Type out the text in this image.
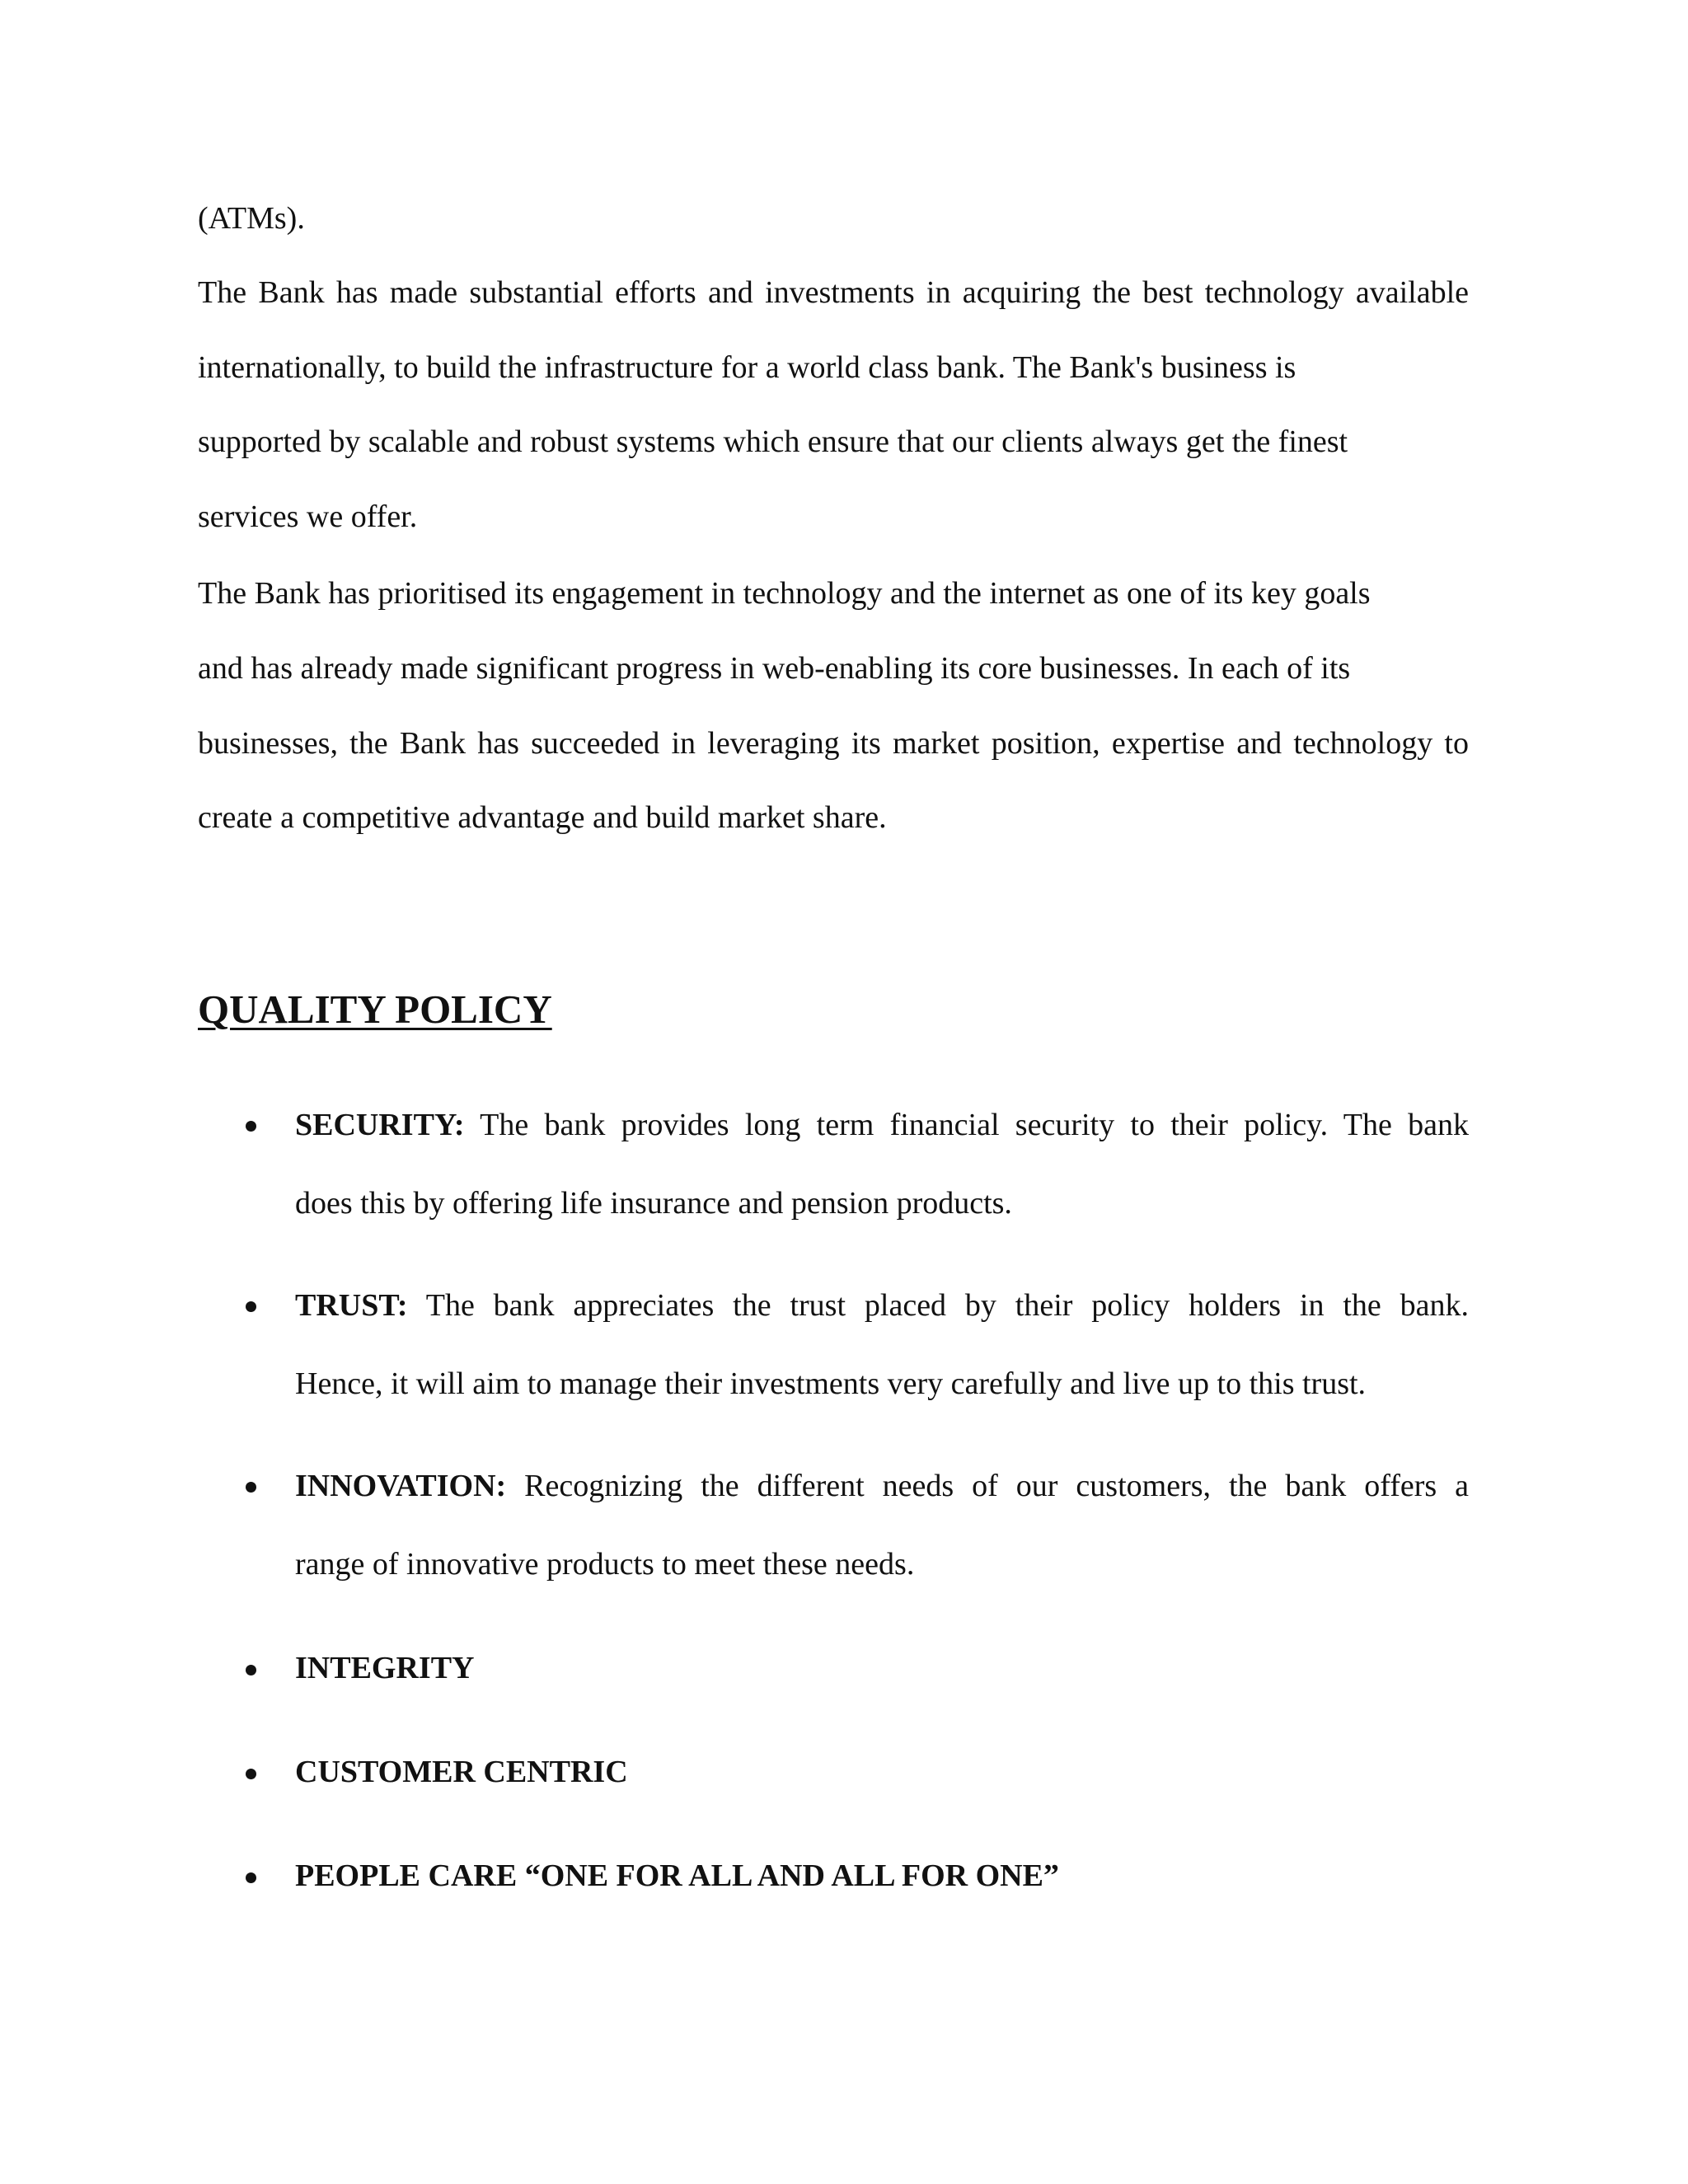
(ATMs).
The Bank has made substantial efforts and investments in acquiring the best technology available
internationally, to build the infrastructure for a world class bank. The Bank's business is
supported by scalable and robust systems which ensure that our clients always get the finest
services we offer.
The Bank has prioritised its engagement in technology and the internet as one of its key goals
and has already made significant progress in web-enabling its core businesses. In each of its
businesses, the Bank has succeeded in leveraging its market position, expertise and technology to
create a competitive advantage and build market share.
QUALITY POLICY
SECURITY: The bank provides long term financial security to their policy. The bank
does this by offering life insurance and pension products.
TRUST: The bank appreciates the trust placed by their policy holders in the bank.
Hence, it will aim to manage their investments very carefully and live up to this trust.
INNOVATION: Recognizing the different needs of our customers, the bank offers a
range of innovative products to meet these needs.
INTEGRITY
CUSTOMER CENTRIC
PEOPLE CARE “ONE FOR ALL AND ALL FOR ONE”
